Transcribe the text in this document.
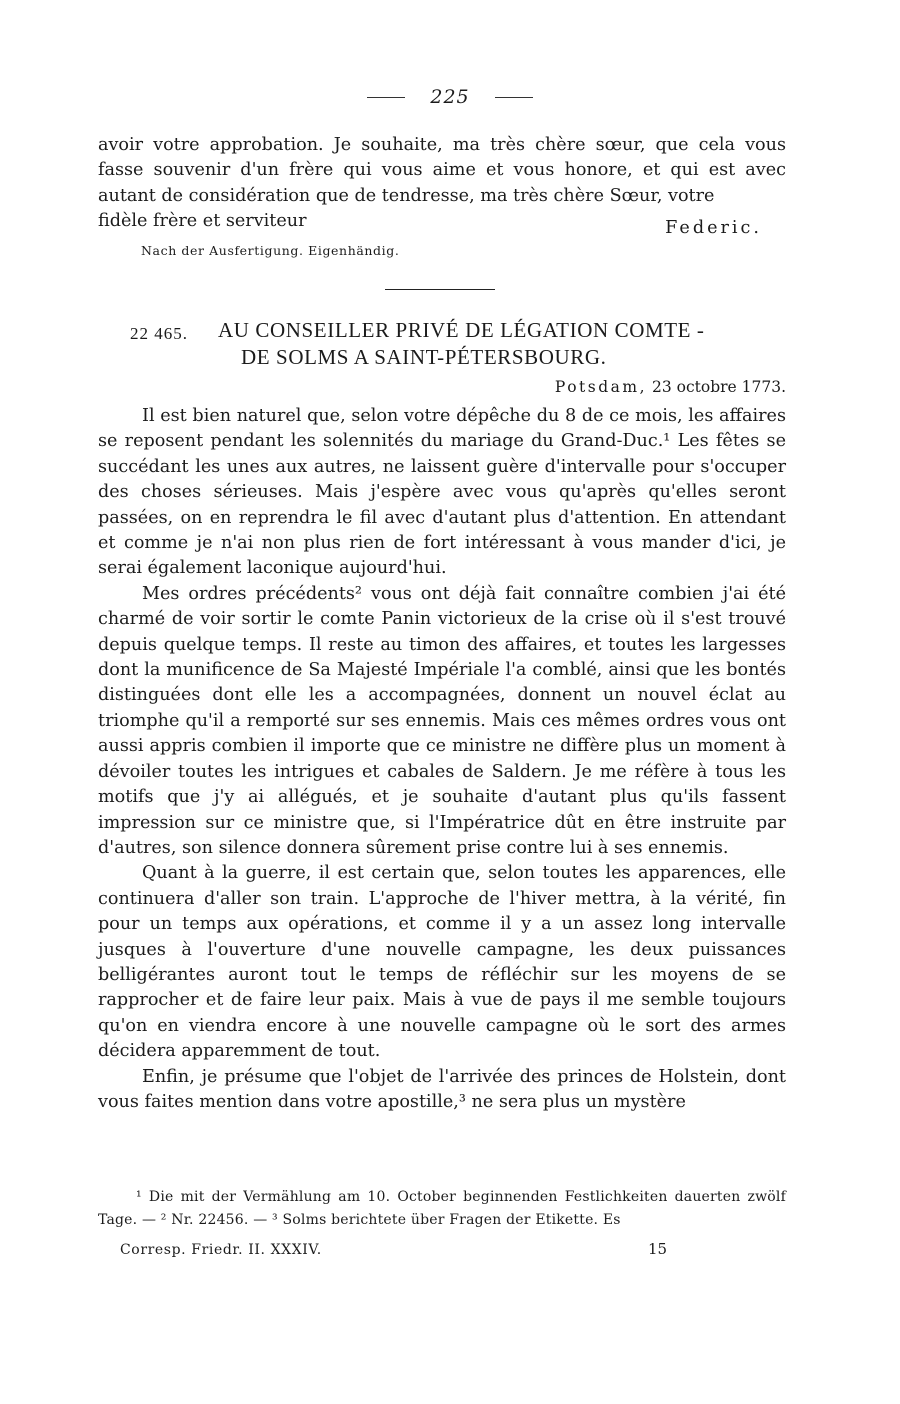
225

avoir votre approbation. Je souhaite, ma très chère sœur, que cela vous fasse souvenir d'un frère qui vous aime et vous honore, et qui est avec autant de considération que de tendresse, ma très chère Sœur, votre

fidèle frère et serviteur	Federic.
Nach der Ausfertigung. Eigenhändig.
22 465. AU CONSEILLER PRIVÉ DE LÉGATION COMTE -
DE SOLMS A SAINT-PÉTERSBOURG.
Potsdam, 23 octobre 1773.

Il est bien naturel que, selon votre dépêche du 8 de ce mois, les affaires se reposent pendant les solennités du mariage du Grand-Duc.¹ Les fêtes se succédant les unes aux autres, ne laissent guère d'intervalle pour s'occuper des choses sérieuses. Mais j'espère avec vous qu'après qu'elles seront passées, on en reprendra le fil avec d'autant plus d'attention. En attendant et comme je n'ai non plus rien de fort intéressant à vous mander d'ici, je serai également laconique aujourd'hui.

Mes ordres précédents² vous ont déjà fait connaître combien j'ai été charmé de voir sortir le comte Panin victorieux de la crise où il s'est trouvé depuis quelque temps. Il reste au timon des affaires, et toutes les largesses dont la munificence de Sa Majesté Impériale l'a comblé, ainsi que les bontés distinguées dont elle les a accompagnées, donnent un nouvel éclat au triomphe qu'il a remporté sur ses ennemis. Mais ces mêmes ordres vous ont aussi appris combien il importe que ce ministre ne diffère plus un moment à dévoiler toutes les intrigues et cabales de Saldern. Je me réfère à tous les motifs que j'y ai allégués, et je souhaite d'autant plus qu'ils fassent impression sur ce ministre que, si l'Impératrice dût en être instruite par d'autres, son silence donnera sûrement prise contre lui à ses ennemis.

Quant à la guerre, il est certain que, selon toutes les apparences, elle continuera d'aller son train. L'approche de l'hiver mettra, à la vérité, fin pour un temps aux opérations, et comme il y a un assez long intervalle jusques à l'ouverture d'une nouvelle campagne, les deux puissances belligérantes auront tout le temps de réfléchir sur les moyens de se rapprocher et de faire leur paix. Mais à vue de pays il me semble toujours qu'on en viendra encore à une nouvelle campagne où le sort des armes décidera apparemment de tout.

Enfin, je présume que l'objet de l'arrivée des princes de Holstein, dont vous faites mention dans votre apostille,³ ne sera plus un mystère

¹ Die mit der Vermählung am 10. October beginnenden Festlichkeiten dauerten zwölf Tage. — ² Nr. 22456. — ³ Solms berichtete über Fragen der Etikette. Es

Corresp. Friedr. II. XXXIV.	15
